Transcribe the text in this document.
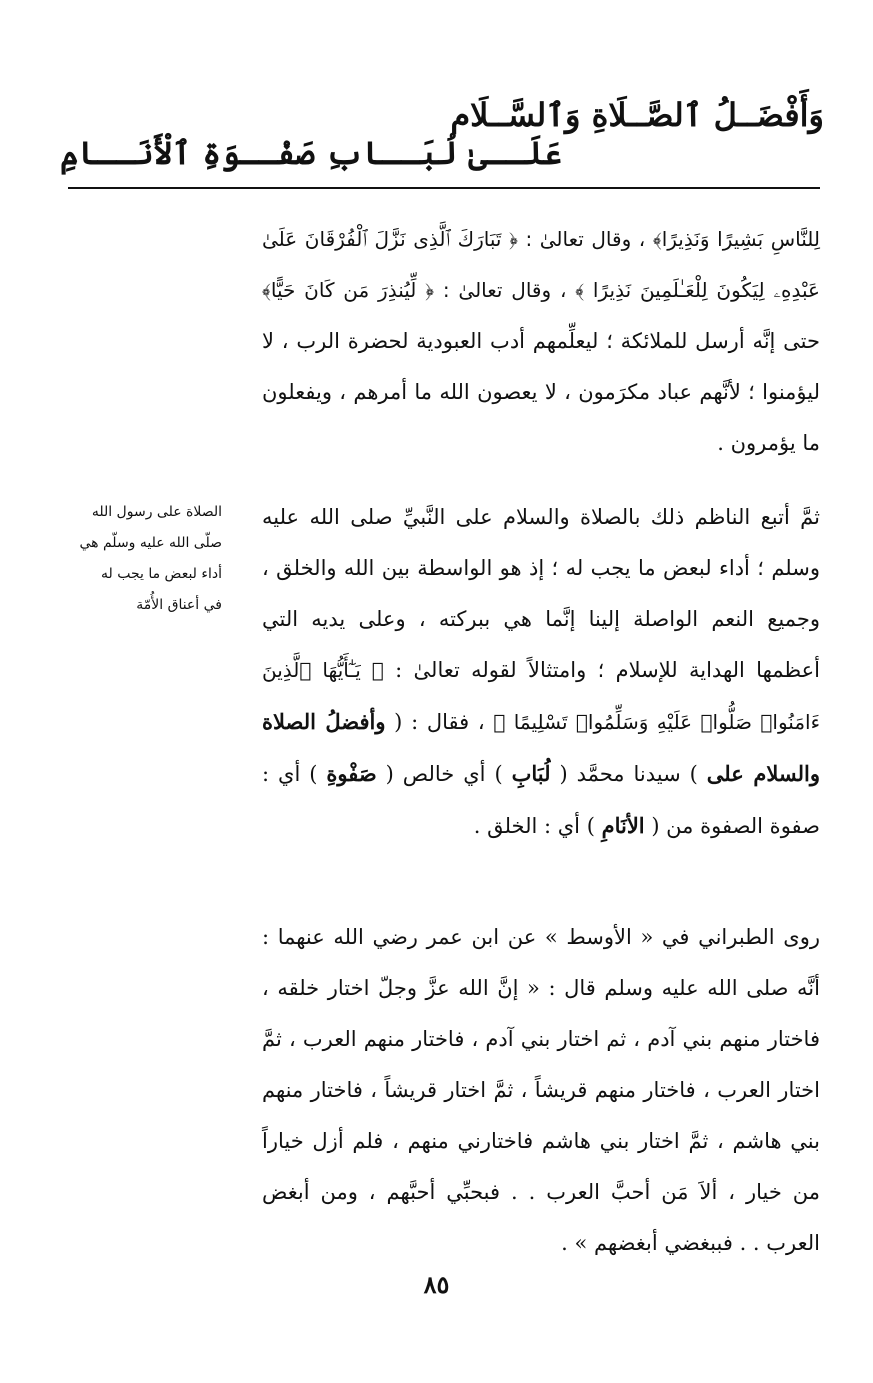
وَأَفْضَــلُ ٱلصَّــلَاةِ وَٱلسَّــلَام
عَلَــىٰ لُبَــابِ صَفْــوَةِ ٱلْأَنَــامِ
لِلنَّاسِ بَشِيرًا وَنَذِيرًا﴾ ، وقال تعالىٰ : ﴿ تَبَارَكَ ٱلَّذِى نَزَّلَ ٱلْفُرْقَانَ عَلَىٰ عَبْدِهِۦ لِيَكُونَ لِلْعَـٰلَمِينَ نَذِيرًا ﴾ ، وقال تعالىٰ : ﴿ لِّيُنذِرَ مَن كَانَ حَيًّا﴾ حتى إنَّه أرسل للملائكة ؛ ليعلِّمهم أدب العبودية لحضرة الرب ، لا ليؤمنوا ؛ لأنَّهم عباد مكرَمون ، لا يعصون الله ما أمرهم ، ويفعلون ما يؤمرون .
الصلاة على رسول الله
صلّى الله عليه وسلّم هي
أداء لبعض ما يجب له
في أعناق الأُمّة
ثمَّ أتبع الناظم ذلك بالصلاة والسلام على النَّبيِّ صلى الله عليه وسلم ؛ أداء لبعض ما يجب له ؛ إذ هو الواسطة بين الله والخلق ، وجميع النعم الواصلة إلينا إنَّما هي ببركته ، وعلى يديه التي أعظمها الهداية للإسلام ؛ وامتثالاً لقوله تعالىٰ : ﴿ يَـٰٓأَيُّهَا ٱلَّذِينَ ءَامَنُوا۟ صَلُّوا۟ عَلَيْهِ وَسَلِّمُوا۟ تَسْلِيمًا ﴾ ، فقال : ( وأفضلُ الصلاة والسلام على ) سيدنا محمَّد ( لُبَابِ ) أي خالص ( صَفْوةِ ) أي : صفوة الصفوة من ( الأنَامِ ) أي : الخلق .
روى الطبراني في « الأوسط » عن ابن عمر رضي الله عنهما : أنَّه صلى الله عليه وسلم قال : « إنَّ الله عزَّ وجلّ اختار خلقه ، فاختار منهم بني آدم ، ثم اختار بني آدم ، فاختار منهم العرب ، ثمَّ اختار العرب ، فاختار منهم قريشاً ، ثمَّ اختار قريشاً ، فاختار منهم بني هاشم ، ثمَّ اختار بني هاشم فاختارني منهم ، فلم أزل خياراً من خيار ، ألاَ مَن أحبَّ العرب . . فبحبِّي أحبَّهم ، ومن أبغض العرب . . فببغضي أبغضهم » .
٨٥
